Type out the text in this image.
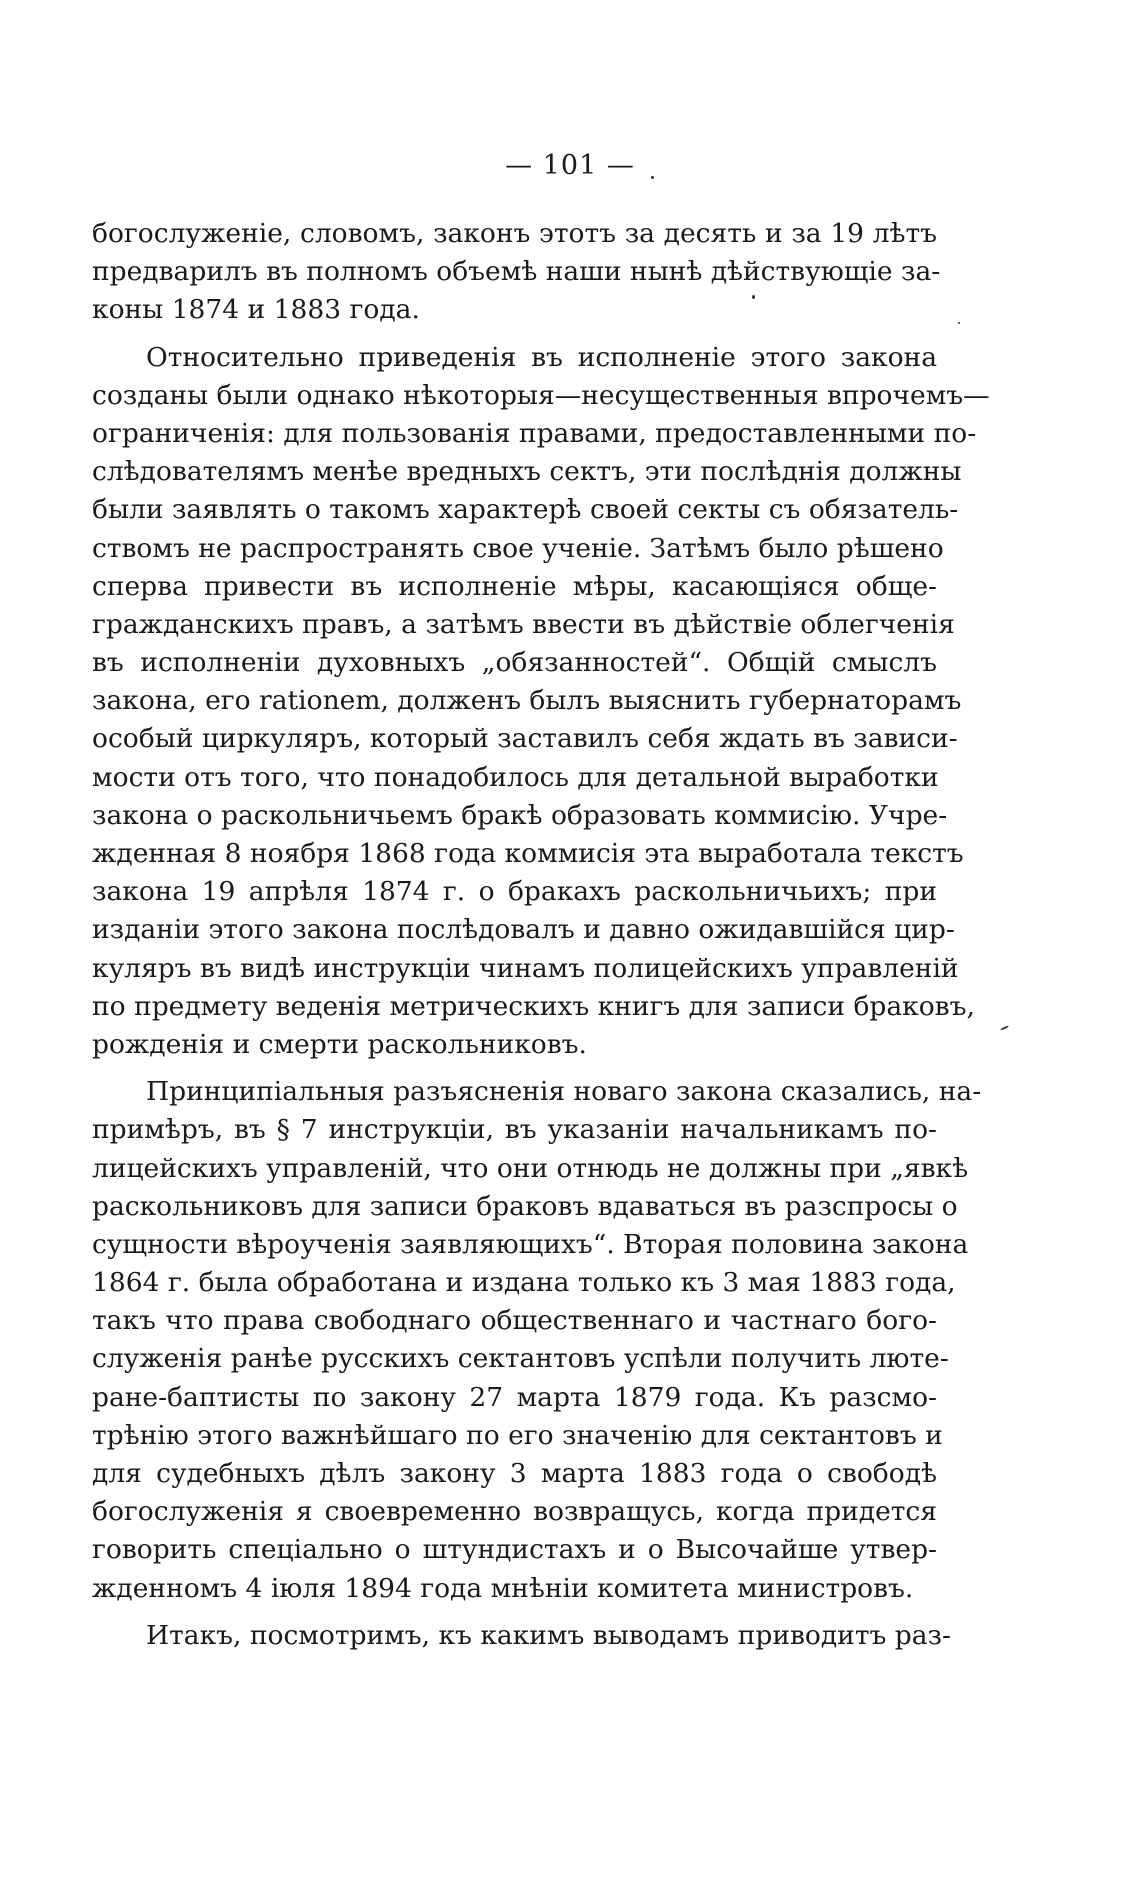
— 101 —
богослуженіе, словомъ, законъ этотъ за десять и за 19 лѣтъ
предварилъ въ полномъ объемѣ наши нынѣ дѣйствующіе за-
коны 1874 и 1883 года.
Относительно приведенія въ исполненіе этого закона
созданы были однако нѣкоторыя—несущественныя впрочемъ—
ограниченія: для пользованія правами, предоставленными по-
слѣдователямъ менѣе вредныхъ сектъ, эти послѣднія должны
были заявлять о такомъ характерѣ своей секты съ обязатель-
ствомъ не распространять свое ученіе. Затѣмъ было рѣшено
сперва привести въ исполненіе мѣры, касающіяся обще-
гражданскихъ правъ, а затѣмъ ввести въ дѣйствіе облегченія
въ исполненіи духовныхъ „обязанностей“. Общій смыслъ
закона, его rationem, долженъ былъ выяснить губернаторамъ
особый циркуляръ, который заставилъ себя ждать въ зависи-
мости отъ того, что понадобилось для детальной выработки
закона о раскольничьемъ бракѣ образовать коммисію. Учре-
жденная 8 ноября 1868 года коммисія эта выработала текстъ
закона 19 апрѣля 1874 г. о бракахъ раскольничьихъ; при
изданіи этого закона послѣдовалъ и давно ожидавшійся цир-
куляръ въ видѣ инструкціи чинамъ полицейскихъ управленій
по предмету веденія метрическихъ книгъ для записи браковъ,
рожденія и смерти раскольниковъ.
Принципіальныя разъясненія новаго закона сказались, на-
примѣръ, въ § 7 инструкціи, въ указаніи начальникамъ по-
лицейскихъ управленій, что они отнюдь не должны при „явкѣ
раскольниковъ для записи браковъ вдаваться въ разспросы о
сущности вѣроученія заявляющихъ“. Вторая половина закона
1864 г. была обработана и издана только къ 3 мая 1883 года,
такъ что права свободнаго общественнаго и частнаго бого-
служенія ранѣе русскихъ сектантовъ успѣли получить люте-
ране-баптисты по закону 27 марта 1879 года. Къ разсмо-
трѣнію этого важнѣйшаго по его значенію для сектантовъ и
для судебныхъ дѣлъ закону 3 марта 1883 года о свободѣ
богослуженія я своевременно возвращусь, когда придется
говорить спеціально о штундистахъ и о Высочайше утвер-
жденномъ 4 іюля 1894 года мнѣніи комитета министровъ.
Итакъ, посмотримъ, къ какимъ выводамъ приводитъ раз-
